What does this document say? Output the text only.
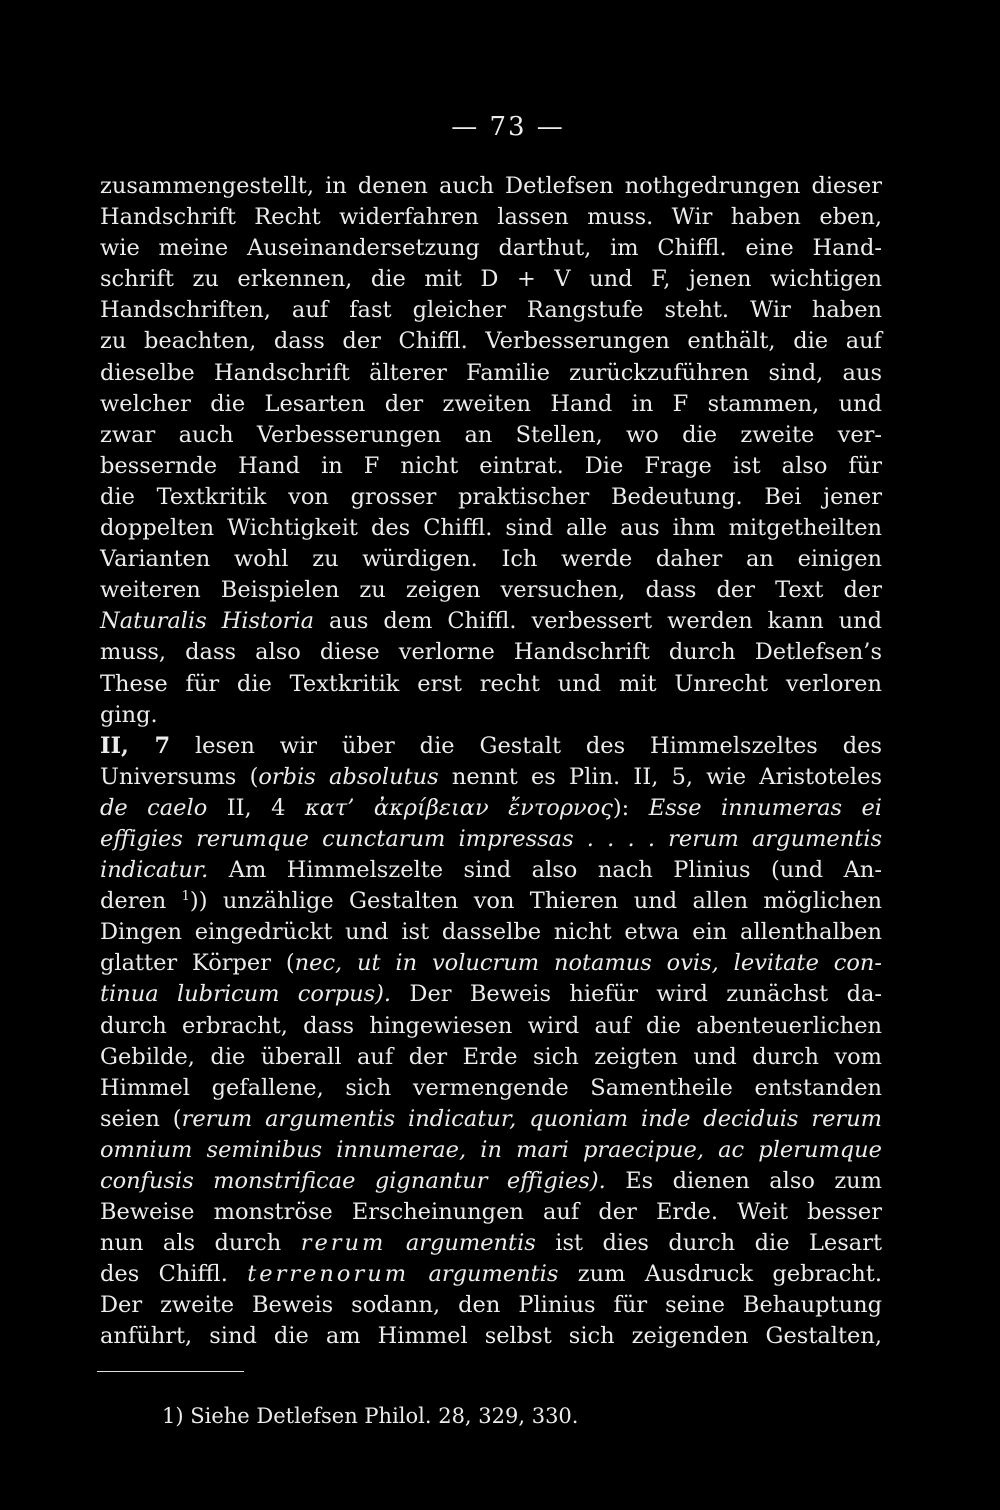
— 73 —
zusammengestellt, in denen auch Detlefsen nothgedrungen dieser
Handschrift Recht widerfahren lassen muss. Wir haben eben,
wie meine Auseinandersetzung darthut, im Chiffl. eine Hand-
schrift zu erkennen, die mit D + V und F, jenen wichtigen
Handschriften, auf fast gleicher Rangstufe steht. Wir haben
zu beachten, dass der Chiffl. Verbesserungen enthält, die auf
dieselbe Handschrift älterer Familie zurückzuführen sind, aus
welcher die Lesarten der zweiten Hand in F stammen, und
zwar auch Verbesserungen an Stellen, wo die zweite ver-
bessernde Hand in F nicht eintrat. Die Frage ist also für
die Textkritik von grosser praktischer Bedeutung. Bei jener
doppelten Wichtigkeit des Chiffl. sind alle aus ihm mitgetheilten
Varianten wohl zu würdigen. Ich werde daher an einigen
weiteren Beispielen zu zeigen versuchen, dass der Text der
Naturalis Historia aus dem Chiffl. verbessert werden kann und
muss, dass also diese verlorne Handschrift durch Detlefsen’s
These für die Textkritik erst recht und mit Unrecht verloren
ging.
II, 7 lesen wir über die Gestalt des Himmelszeltes des
Universums (orbis absolutus nennt es Plin. II, 5, wie Aristoteles
de caelo II, 4 κατ’ ἀκρίβειαν ἔντορνος): Esse innumeras ei
effigies rerumque cunctarum impressas . . . . rerum argumentis
indicatur. Am Himmelszelte sind also nach Plinius (und An-
deren $^1$)) unzählige Gestalten von Thieren und allen möglichen
Dingen eingedrückt und ist dasselbe nicht etwa ein allenthalben
glatter Körper (nec, ut in volucrum notamus ovis, levitate con-
tinua lubricum corpus). Der Beweis hiefür wird zunächst da-
durch erbracht, dass hingewiesen wird auf die abenteuerlichen
Gebilde, die überall auf der Erde sich zeigten und durch vom
Himmel gefallene, sich vermengende Samentheile entstanden
seien (rerum argumentis indicatur, quoniam inde deciduis rerum
omnium seminibus innumerae, in mari praecipue, ac plerumque
confusis monstrificae gignantur effigies). Es dienen also zum
Beweise monströse Erscheinungen auf der Erde. Weit besser
nun als durch rerum argumentis ist dies durch die Lesart
des Chiffl. terrenorum argumentis zum Ausdruck gebracht.
Der zweite Beweis sodann, den Plinius für seine Behauptung
anführt, sind die am Himmel selbst sich zeigenden Gestalten,
1) Siehe Detlefsen Philol. 28, 329, 330.
